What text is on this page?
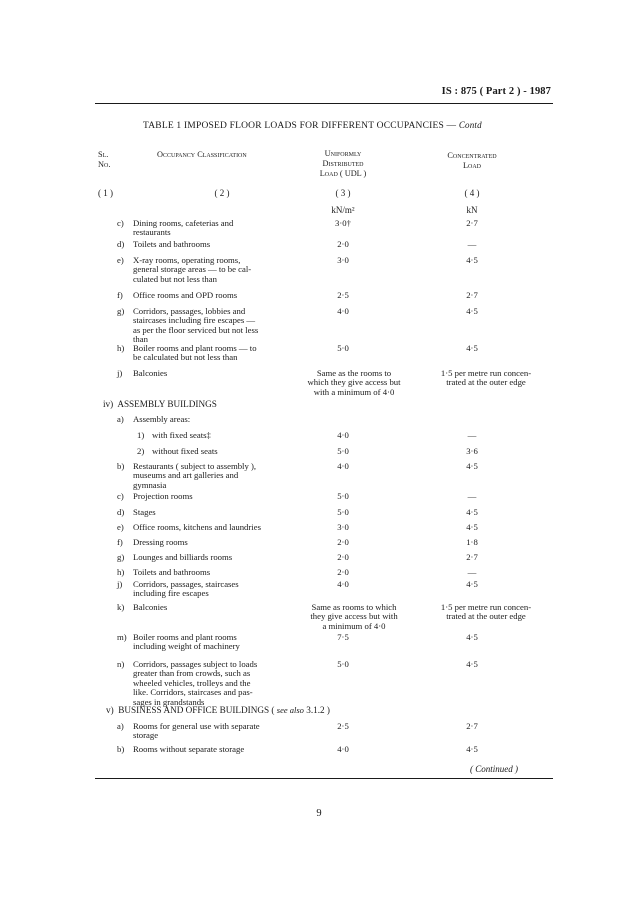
IS : 875 ( Part 2 ) - 1987
TABLE 1 IMPOSED FLOOR LOADS FOR DIFFERENT OCCUPANCIES — Contd
Sl.
No.
Occupancy Classification	Uniformly
Distributed
Load ( UDL )
Concentrated
Load
( 1 )	( 2 )	( 3 )	( 4 )
kN/m²	kN
c) Dining rooms, cafeterias and
restaurants
3·0†	2·7
d) Toilets and bathrooms	2·0	—
e) X-ray rooms, operating rooms,
general storage areas — to be cal-
culated but not less than
3·0	4·5
f) Office rooms and OPD rooms	2·5	2·7
g) Corridors, passages, lobbies and
staircases including fire escapes —
as per the floor serviced but not less
than
4·0	4·5
h) Boiler rooms and plant rooms — to
be calculated but not less than
5·0	4·5
j) Balconies	Same as the rooms to
which they give access but
with a minimum of 4·0
1·5 per metre run concen-
trated at the outer edge
a) Assembly areas:
1) with fixed seats‡	4·0	—
2) without fixed seats	5·0	3·6
b) Restaurants ( subject to assembly ),
museums and art galleries and
gymnasia
4·0	4·5
c) Projection rooms	5·0	—
d) Stages	5·0	4·5
e) Office rooms, kitchens and laundries	3·0	4·5
f) Dressing rooms	2·0	1·8
g) Lounges and billiards rooms	2·0	2·7
h) Toilets and bathrooms	2·0	—
j) Corridors, passages, staircases
including fire escapes
4·0	4·5
k) Balconies	Same as rooms to which
they give access but with
a minimum of 4·0
1·5 per metre run concen-
trated at the outer edge
m) Boiler rooms and plant rooms
including weight of machinery
7·5	4·5
n) Corridors, passages subject to loads
greater than from crowds, such as
wheeled vehicles, trolleys and the
like. Corridors, staircases and pas-
sages in grandstands
5·0	4·5
a) Rooms for general use with separate
storage
2·5	2·7
b) Rooms without separate storage	4·0	4·5
iv) ASSEMBLY BUILDINGS
v) BUSINESS AND OFFICE BUILDINGS ( see also 3.1.2 )
( Continued )
9
